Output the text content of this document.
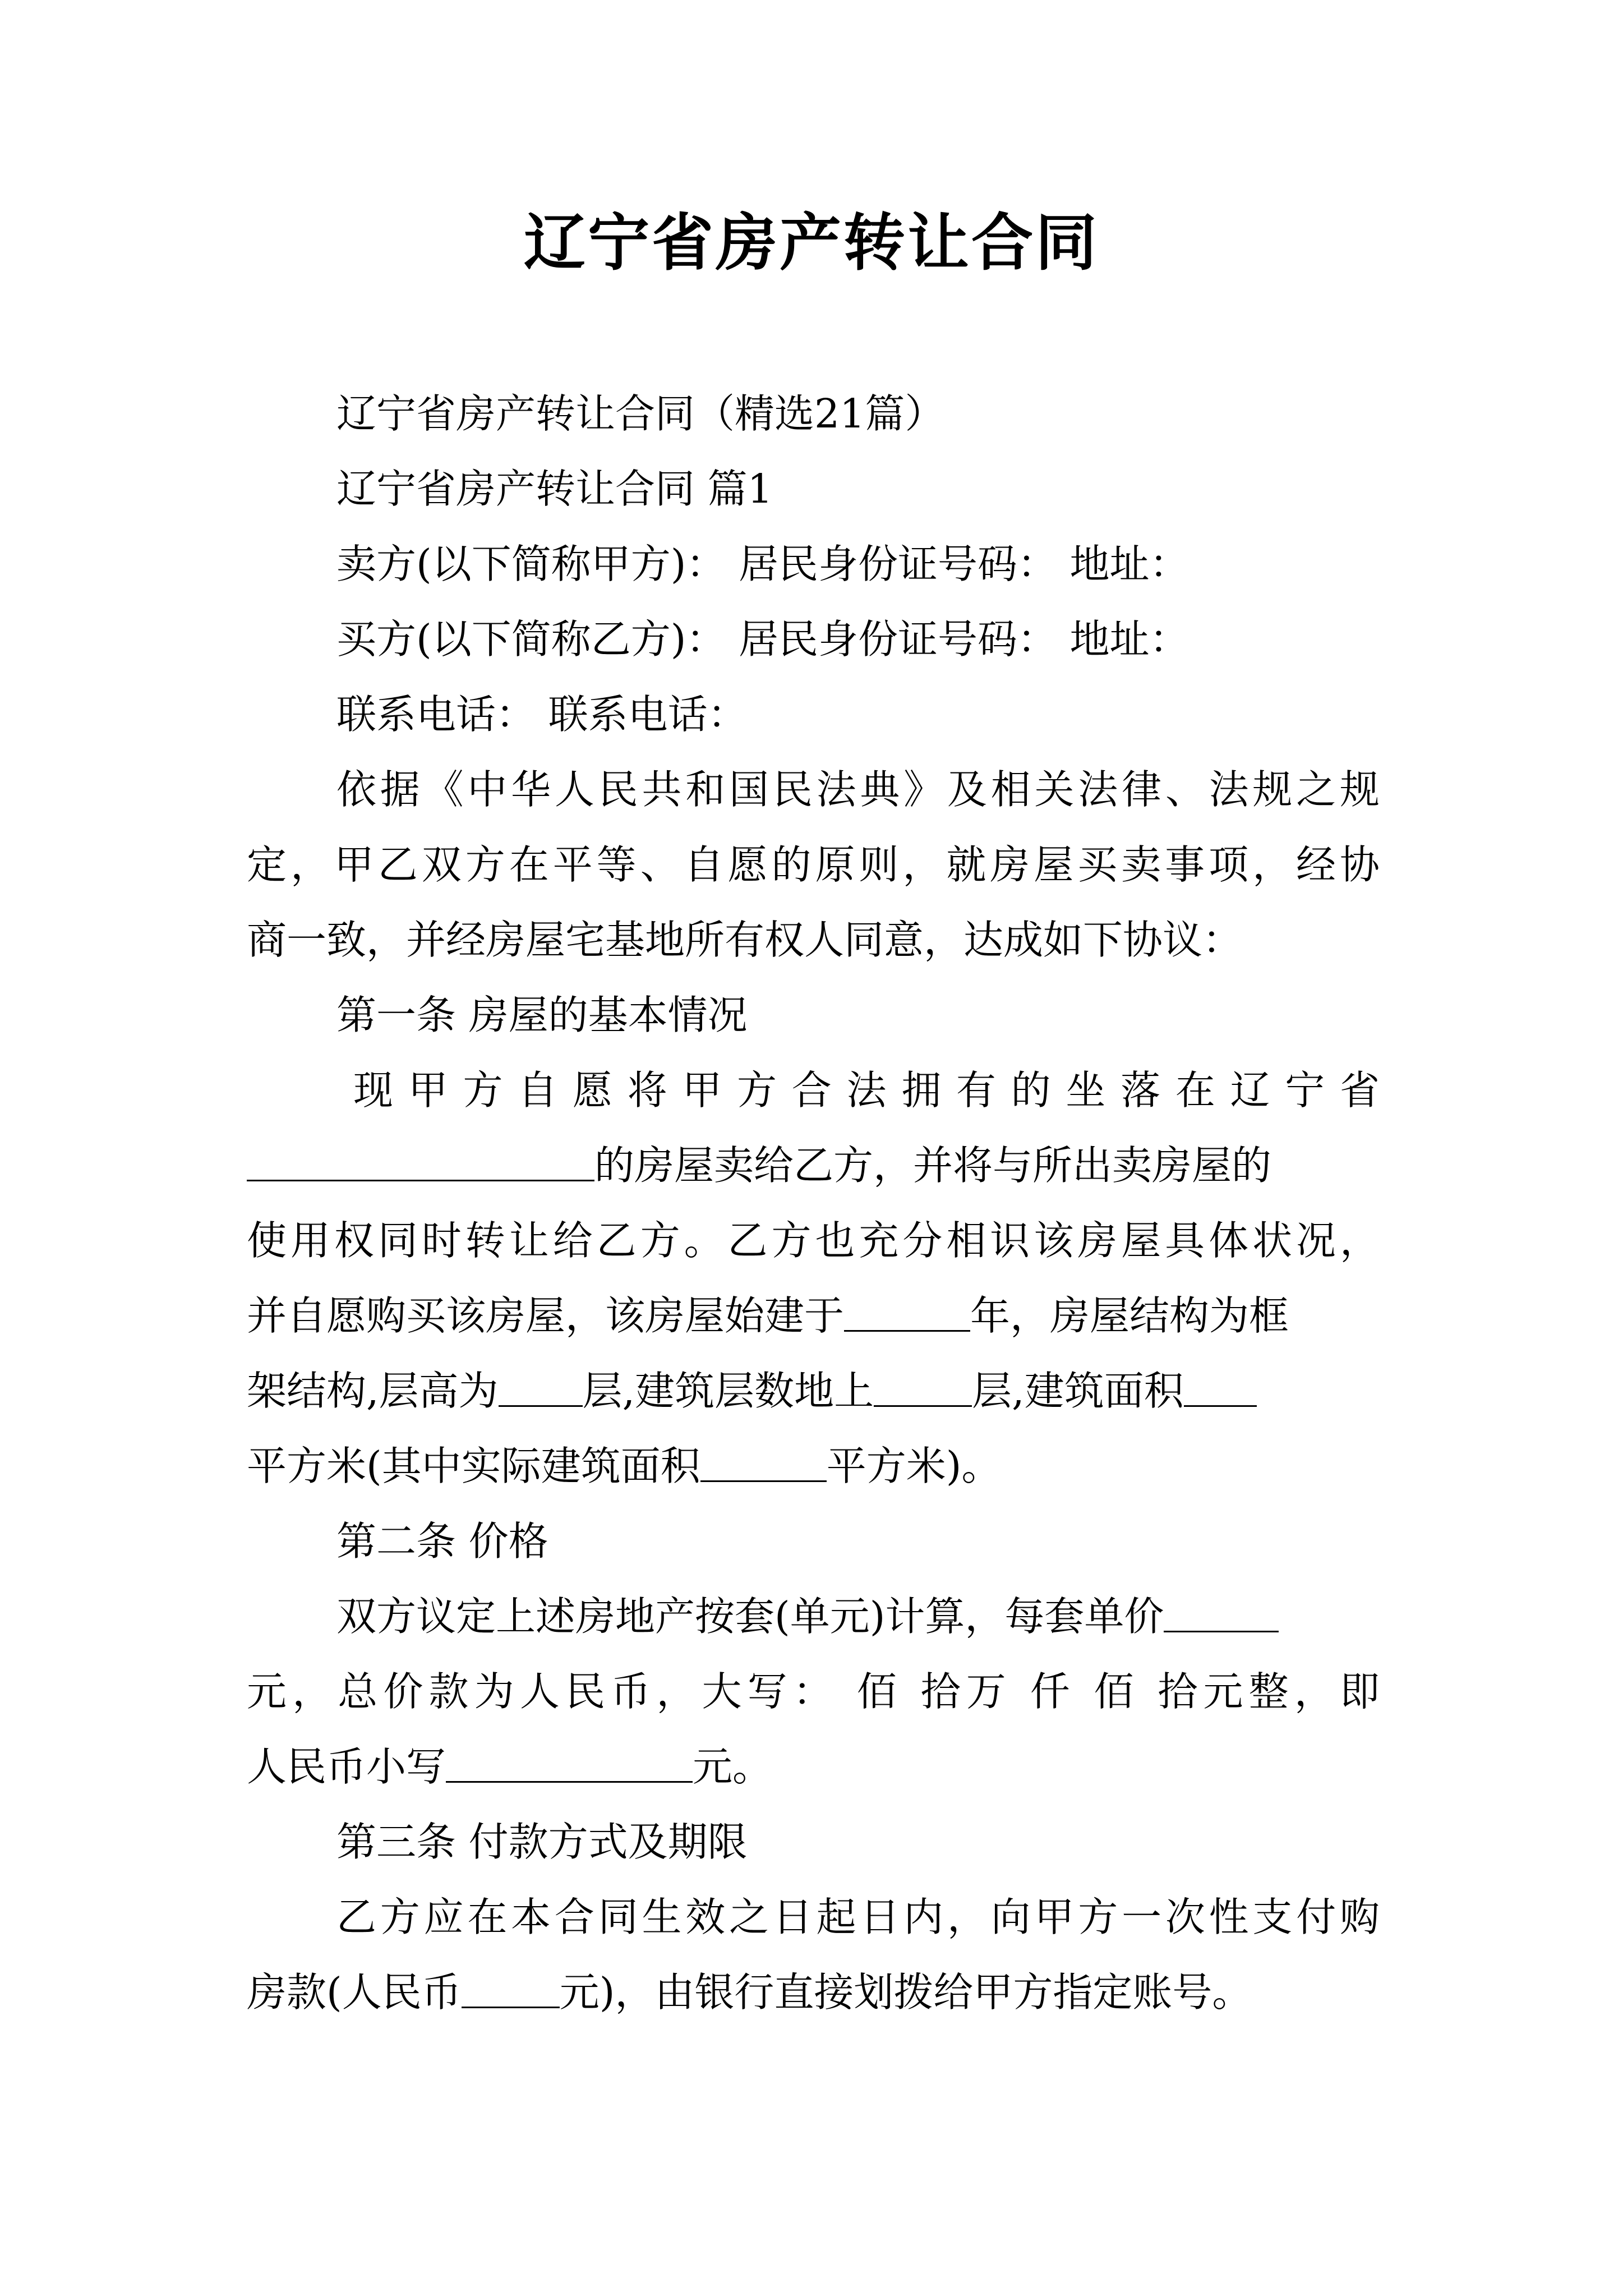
辽宁省房产转让合同
辽宁省房产转让合同（精选21篇）
辽宁省房产转让合同 篇1
卖方(以下简称甲方)： 居民身份证号码： 地址：
买方(以下简称乙方)： 居民身份证号码： 地址：
联系电话： 联系电话：
依据《中华人民共和国民法典》及相关法律、法规之规
定，甲乙双方在平等、自愿的原则，就房屋买卖事项，经协
商一致，并经房屋宅基地所有权人同意，达成如下协议：
第一条 房屋的基本情况
现甲方自愿将甲方合法拥有的坐落在辽宁省
的房屋卖给乙方，并将与所出卖房屋的
使用权同时转让给乙方。乙方也充分相识该房屋具体状况，
并自愿购买该房屋，该房屋始建于	年，房屋结构为框
架结构,层高为 层,建筑层数地上 层,建筑面积
平方米(其中实际建筑面积	平方米)。
第二条 价格
双方议定上述房地产按套(单元)计算，每套单价
元，总价款为人民币，大写： 佰 拾万 仟 佰 拾元整，即
人民币小写	元。
第三条 付款方式及期限
乙方应在本合同生效之日起日内，向甲方一次性支付购
房款(人民币 元)，由银行直接划拨给甲方指定账号。
